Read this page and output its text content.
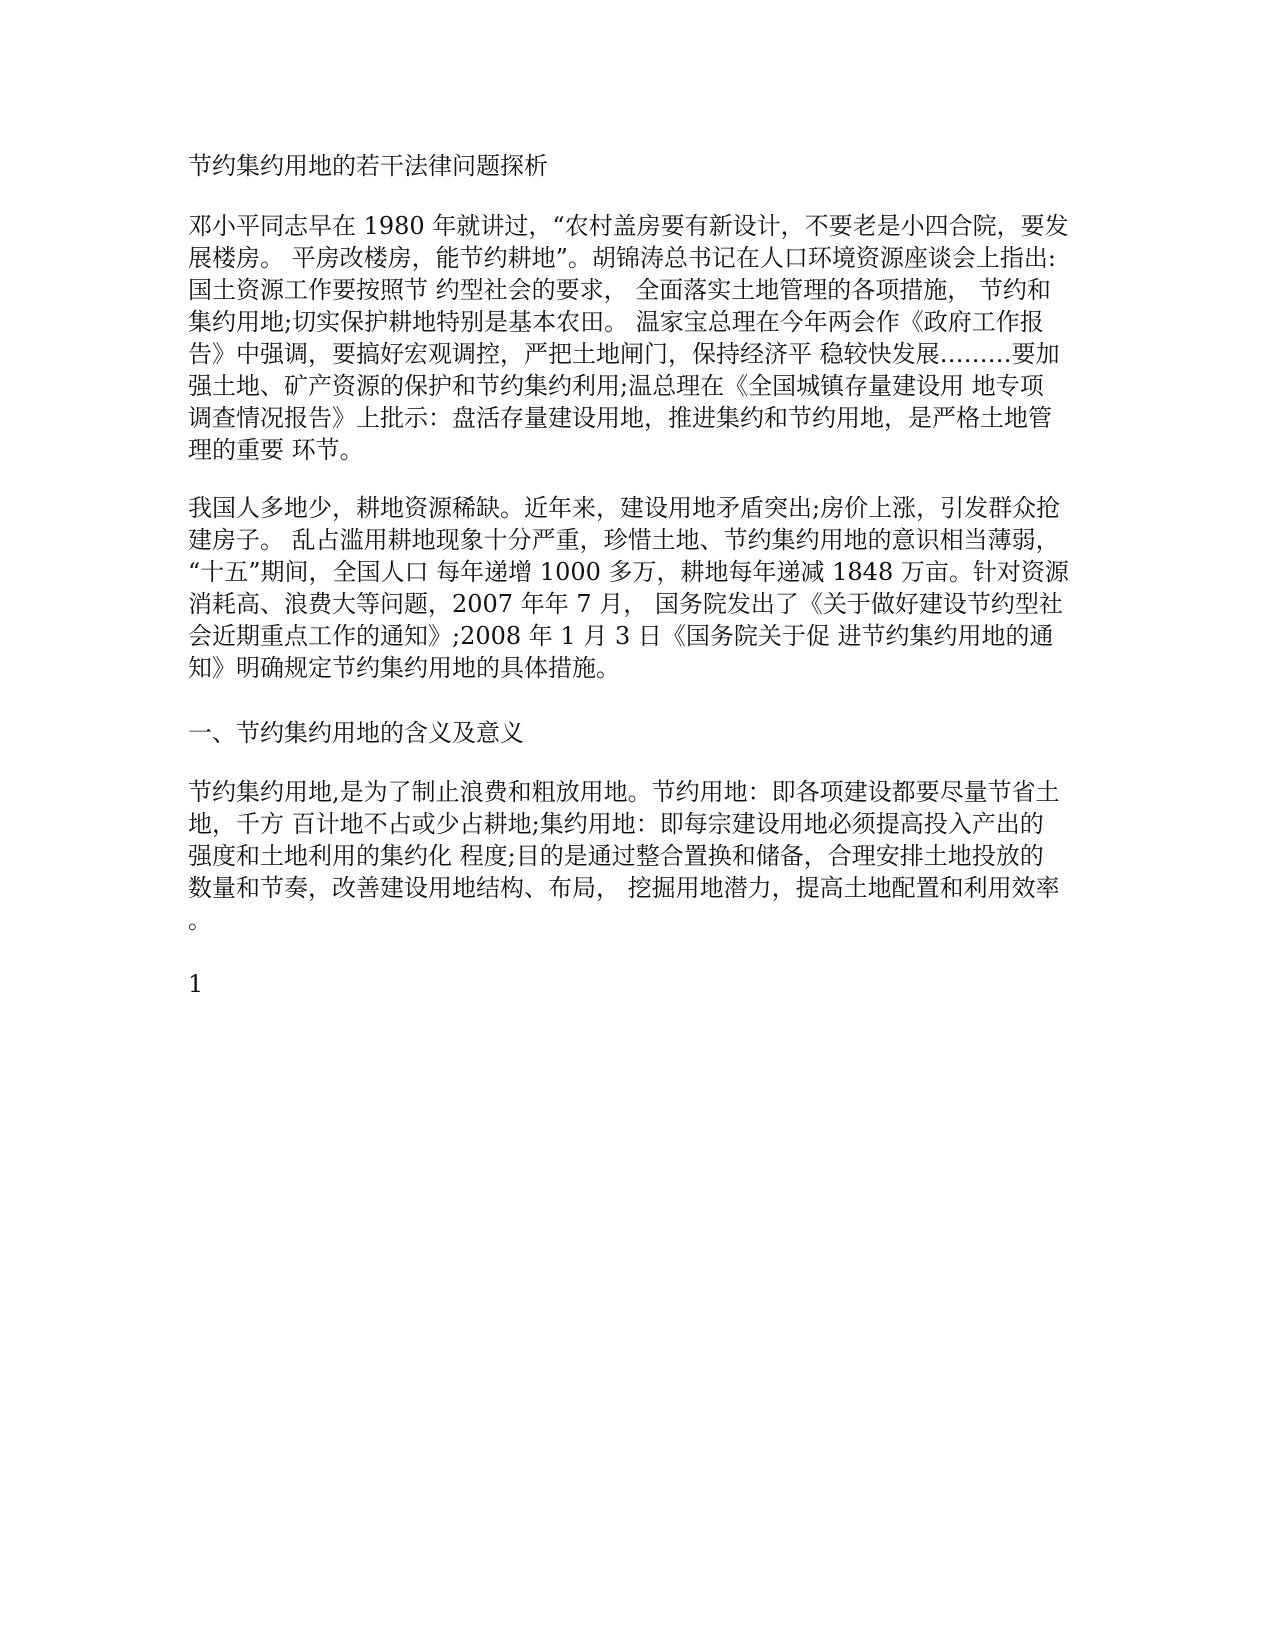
节约集约用地的若干法律问题探析

邓小平同志早在 1980 年就讲过，“农村盖房要有新设计，不要老是小四合院，要发
展楼房。 平房改楼房，能节约耕地”。胡锦涛总书记在人口环境资源座谈会上指出:
国土资源工作要按照节 约型社会的要求， 全面落实土地管理的各项措施， 节约和
集约用地;切实保护耕地特别是基本农田。 温家宝总理在今年两会作《政府工作报
告》中强调，要搞好宏观调控，严把土地闸门，保持经济平 稳较快发展………要加
强土地、矿产资源的保护和节约集约利用;温总理在《全国城镇存量建设用 地专项
调查情况报告》上批示：盘活存量建设用地，推进集约和节约用地，是严格土地管
理的重要 环节。

我国人多地少，耕地资源稀缺。近年来，建设用地矛盾突出;房价上涨，引发群众抢
建房子。 乱占滥用耕地现象十分严重，珍惜土地、节约集约用地的意识相当薄弱，
“十五”期间，全国人口 每年递增 1000 多万，耕地每年递减 1848 万亩。针对资源
消耗高、浪费大等问题，2007 年年 7 月， 国务院发出了《关于做好建设节约型社
会近期重点工作的通知》;2008 年 1 月 3 日《国务院关于促 进节约集约用地的通
知》明确规定节约集约用地的具体措施。

一、节约集约用地的含义及意义

节约集约用地,是为了制止浪费和粗放用地。节约用地：即各项建设都要尽量节省土
地，千方 百计地不占或少占耕地;集约用地：即每宗建设用地必须提高投入产出的
强度和土地利用的集约化 程度;目的是通过整合置换和储备，合理安排土地投放的
数量和节奏，改善建设用地结构、布局， 挖掘用地潜力，提高土地配置和利用效率
。

1
